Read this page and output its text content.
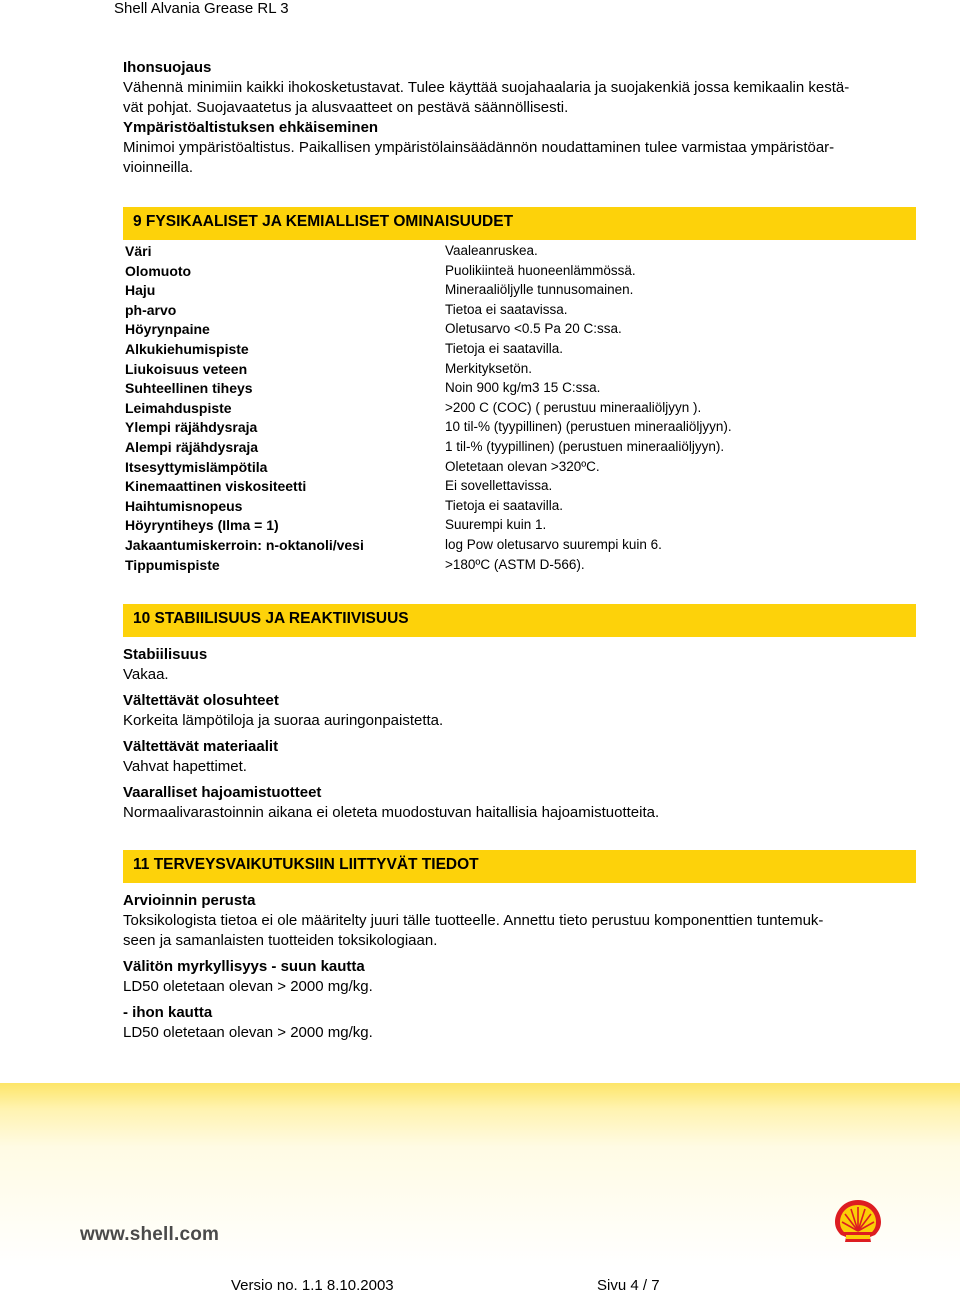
Shell Alvania Grease RL 3
Ihonsuojaus
Vähennä minimiin kaikki ihokosketustavat. Tulee käyttää suojahaalaria ja suojakenkiä jossa kemikaalin kestä-
vät pohjat. Suojavaatetus ja alusvaatteet on pestävä säännöllisesti.
Ympäristöaltistuksen ehkäiseminen
Minimoi ympäristöaltistus. Paikallisen ympäristölainsäädännön noudattaminen tulee varmistaa ympäristöar-
vioinneilla.
9 FYSIKAALISET JA KEMIALLISET OMINAISUUDET
Väri	Vaaleanruskea.
Olomuoto	Puolikiinteä huoneenlämmössä.
Haju	Mineraaliöljylle tunnusomainen.
ph-arvo	Tietoa ei saatavissa.
Höyrynpaine	Oletusarvo <0.5 Pa 20 C:ssa.
Alkukiehumispiste	Tietoja ei saatavilla.
Liukoisuus veteen	Merkityksetön.
Suhteellinen tiheys	Noin 900 kg/m3 15 C:ssa.
Leimahduspiste	>200 C (COC) ( perustuu mineraaliöljyyn ).
Ylempi räjähdysraja	10 til-% (tyypillinen) (perustuen mineraaliöljyyn).
Alempi räjähdysraja	1 til-% (tyypillinen) (perustuen mineraaliöljyyn).
Itsesyttymislämpötila	Oletetaan olevan >320ºC.
Kinemaattinen viskositeetti	Ei sovellettavissa.
Haihtumisnopeus	Tietoja ei saatavilla.
Höyryntiheys (Ilma = 1)	Suurempi kuin 1.
Jakaantumiskerroin: n-oktanoli/vesi	log Pow oletusarvo suurempi kuin 6.
Tippumispiste	>180ºC (ASTM D-566).
10 STABIILISUUS JA REAKTIIVISUUS
Stabiilisuus
Vakaa.
Vältettävät olosuhteet
Korkeita lämpötiloja ja suoraa auringonpaistetta.
Vältettävät materiaalit
Vahvat hapettimet.
Vaaralliset hajoamistuotteet
Normaalivarastoinnin aikana ei oleteta muodostuvan haitallisia hajoamistuotteita.
11 TERVEYSVAIKUTUKSIIN LIITTYVÄT TIEDOT
Arvioinnin perusta
Toksikologista tietoa ei ole määritelty juuri tälle tuotteelle. Annettu tieto perustuu komponenttien tuntemuk-
seen ja samanlaisten tuotteiden toksikologiaan.
Välitön myrkyllisyys - suun kautta
LD50 oletetaan olevan > 2000 mg/kg.
- ihon kautta
LD50 oletetaan olevan > 2000 mg/kg.
www.shell.com
Versio no. 1.1 8.10.2003	Sivu 4 / 7
